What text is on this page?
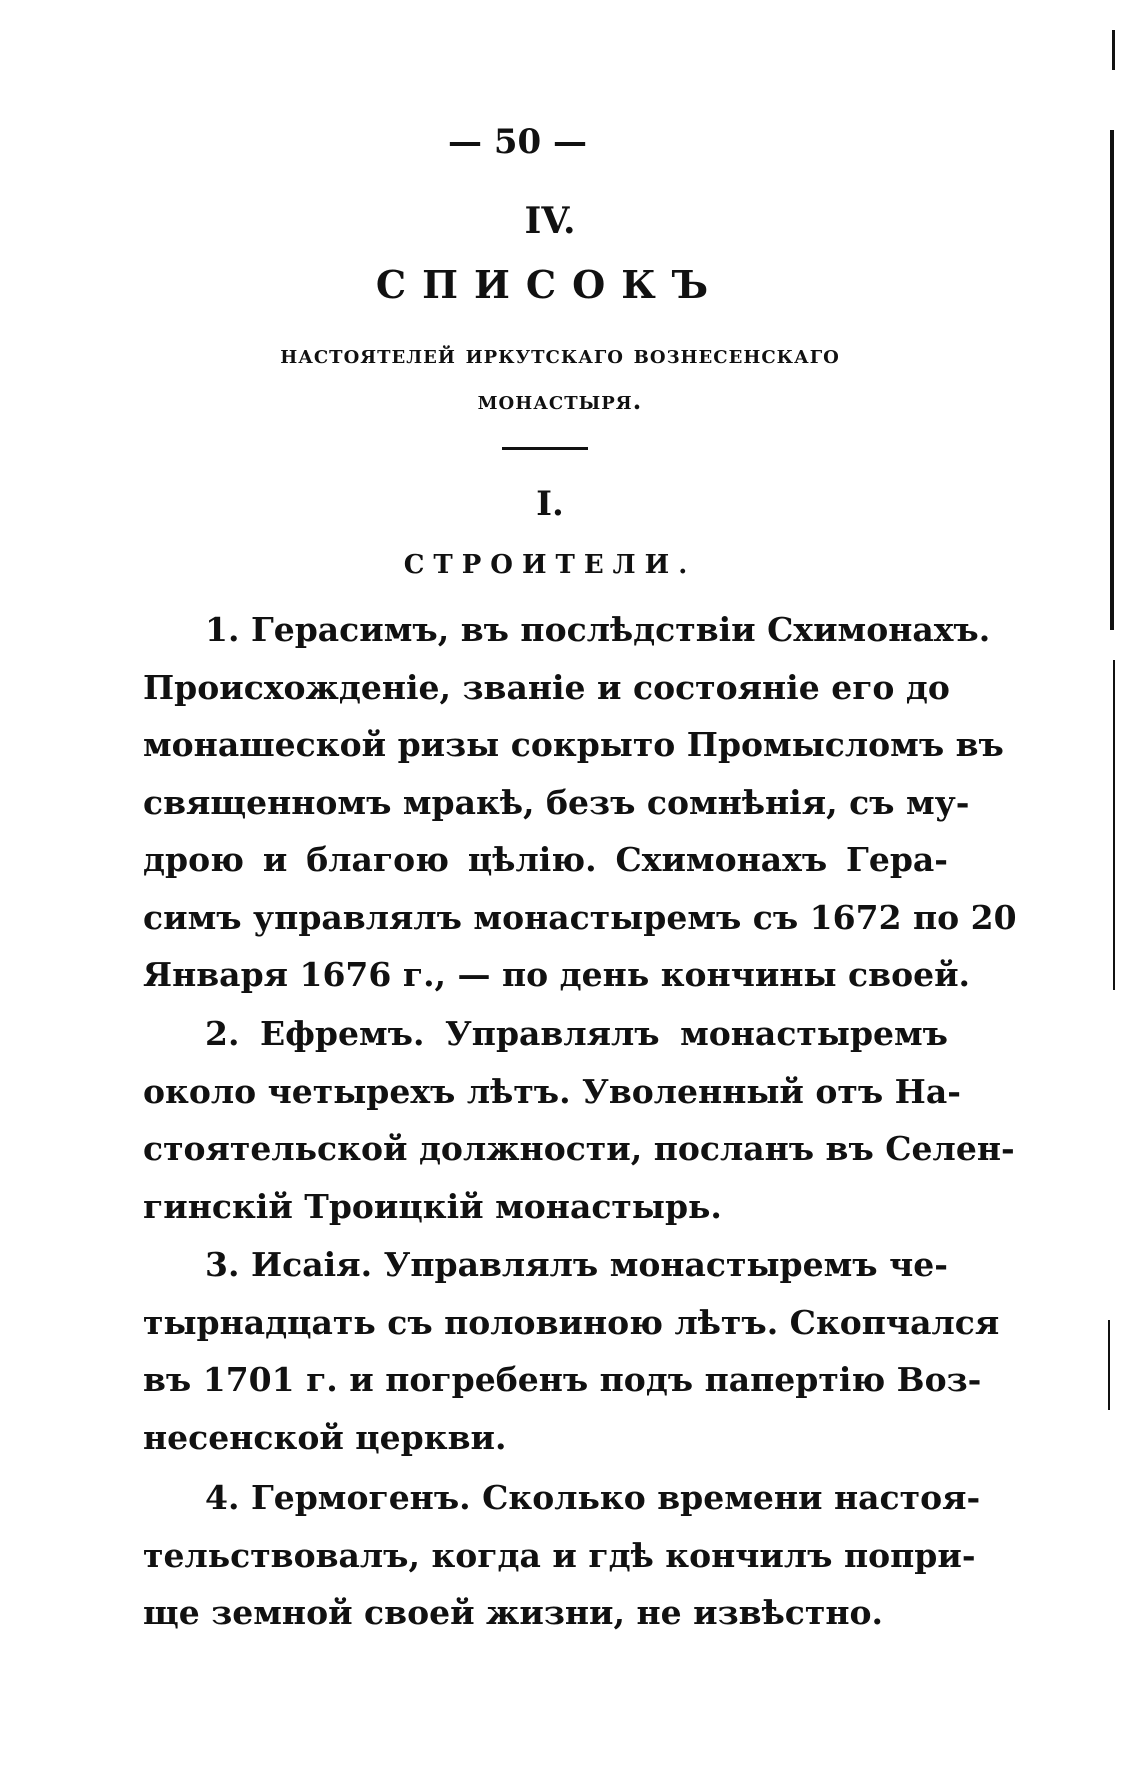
— 50 —
IV.
СПИСОКЪ
настоятелей иркутскаго вознесенскаго
монастыря.
I.
СТРОИТЕЛИ.
1. Герасимъ, въ послѣдствіи Схимонахъ.
Происхожденіе, званіе и состояніе его до
монашеской ризы сокрыто Промысломъ въ
священномъ мракѣ, безъ сомнѣнія, съ му-
дрою и благою цѣлію. Схимонахъ Гера-
симъ управлялъ монастыремъ съ 1672 по 20
Января 1676 г., — по день кончины своей.
2. Ефремъ. Управлялъ монастыремъ
около четырехъ лѣтъ. Уволенный отъ На-
стоятельской должности, посланъ въ Селен-
гинскій Троицкій монастырь.
3. Исаія. Управлялъ монастыремъ че-
тырнадцать съ половиною лѣтъ. Скопчался
въ 1701 г. и погребенъ подъ папертію Воз-
несенской церкви.
4. Гермогенъ. Сколько времени настоя-
тельствовалъ, когда и гдѣ кончилъ попри-
ще земной своей жизни, не извѣстно.
